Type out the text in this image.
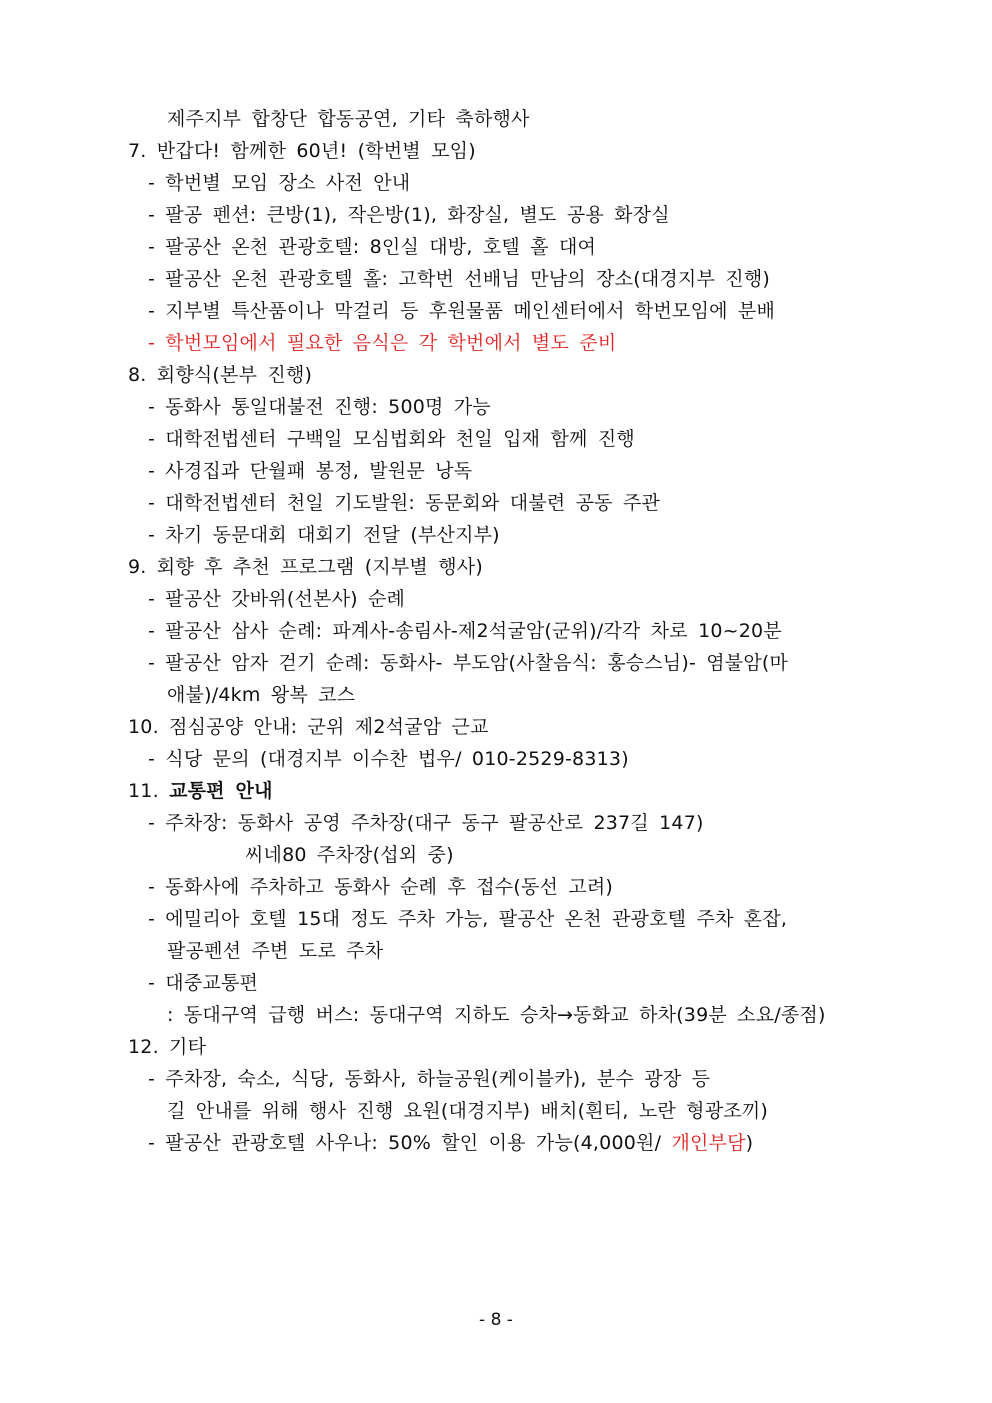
제주지부 합창단 합동공연, 기타 축하행사
7. 반갑다! 함께한 60년! (학번별 모임)
- 학번별 모임 장소 사전 안내
- 팔공 펜션: 큰방(1), 작은방(1), 화장실, 별도 공용 화장실
- 팔공산 온천 관광호텔: 8인실 대방, 호텔 홀 대여
- 팔공산 온천 관광호텔 홀: 고학번 선배님 만남의 장소(대경지부 진행)
- 지부별 특산품이나 막걸리 등 후원물품 메인센터에서 학번모임에 분배
- 학번모임에서 필요한 음식은 각 학번에서 별도 준비
8. 회향식(본부 진행)
- 동화사 통일대불전 진행: 500명 가능
- 대학전법센터 구백일 모심법회와 천일 입재 함께 진행
- 사경집과 단월패 봉정, 발원문 낭독
- 대학전법센터 천일 기도발원: 동문회와 대불련 공동 주관
- 차기 동문대회 대회기 전달 (부산지부)
9. 회향 후 추천 프로그램 (지부별 행사)
- 팔공산 갓바위(선본사) 순례
- 팔공산 삼사 순례: 파계사-송림사-제2석굴암(군위)/각각 차로 10~20분
- 팔공산 암자 걷기 순례: 동화사- 부도암(사찰음식: 홍승스님)- 염불암(마
애불)/4km 왕복 코스
10. 점심공양 안내: 군위 제2석굴암 근교
- 식당 문의 (대경지부 이수찬 법우/ 010-2529-8313)
11. 교통편 안내
- 주차장: 동화사 공영 주차장(대구 동구 팔공산로 237길 147)
씨네80 주차장(섭외 중)
- 동화사에 주차하고 동화사 순례 후 접수(동선 고려)
- 에밀리아 호텔 15대 정도 주차 가능, 팔공산 온천 관광호텔 주차 혼잡,
팔공펜션 주변 도로 주차
- 대중교통편
: 동대구역 급행 버스: 동대구역 지하도 승차→동화교 하차(39분 소요/종점)
12. 기타
- 주차장, 숙소, 식당, 동화사, 하늘공원(케이블카), 분수 광장 등
길 안내를 위해 행사 진행 요원(대경지부) 배치(흰티, 노란 형광조끼)
- 팔공산 관광호텔 사우나: 50% 할인 이용 가능(4,000원/ 개인부담)
- 8 -
